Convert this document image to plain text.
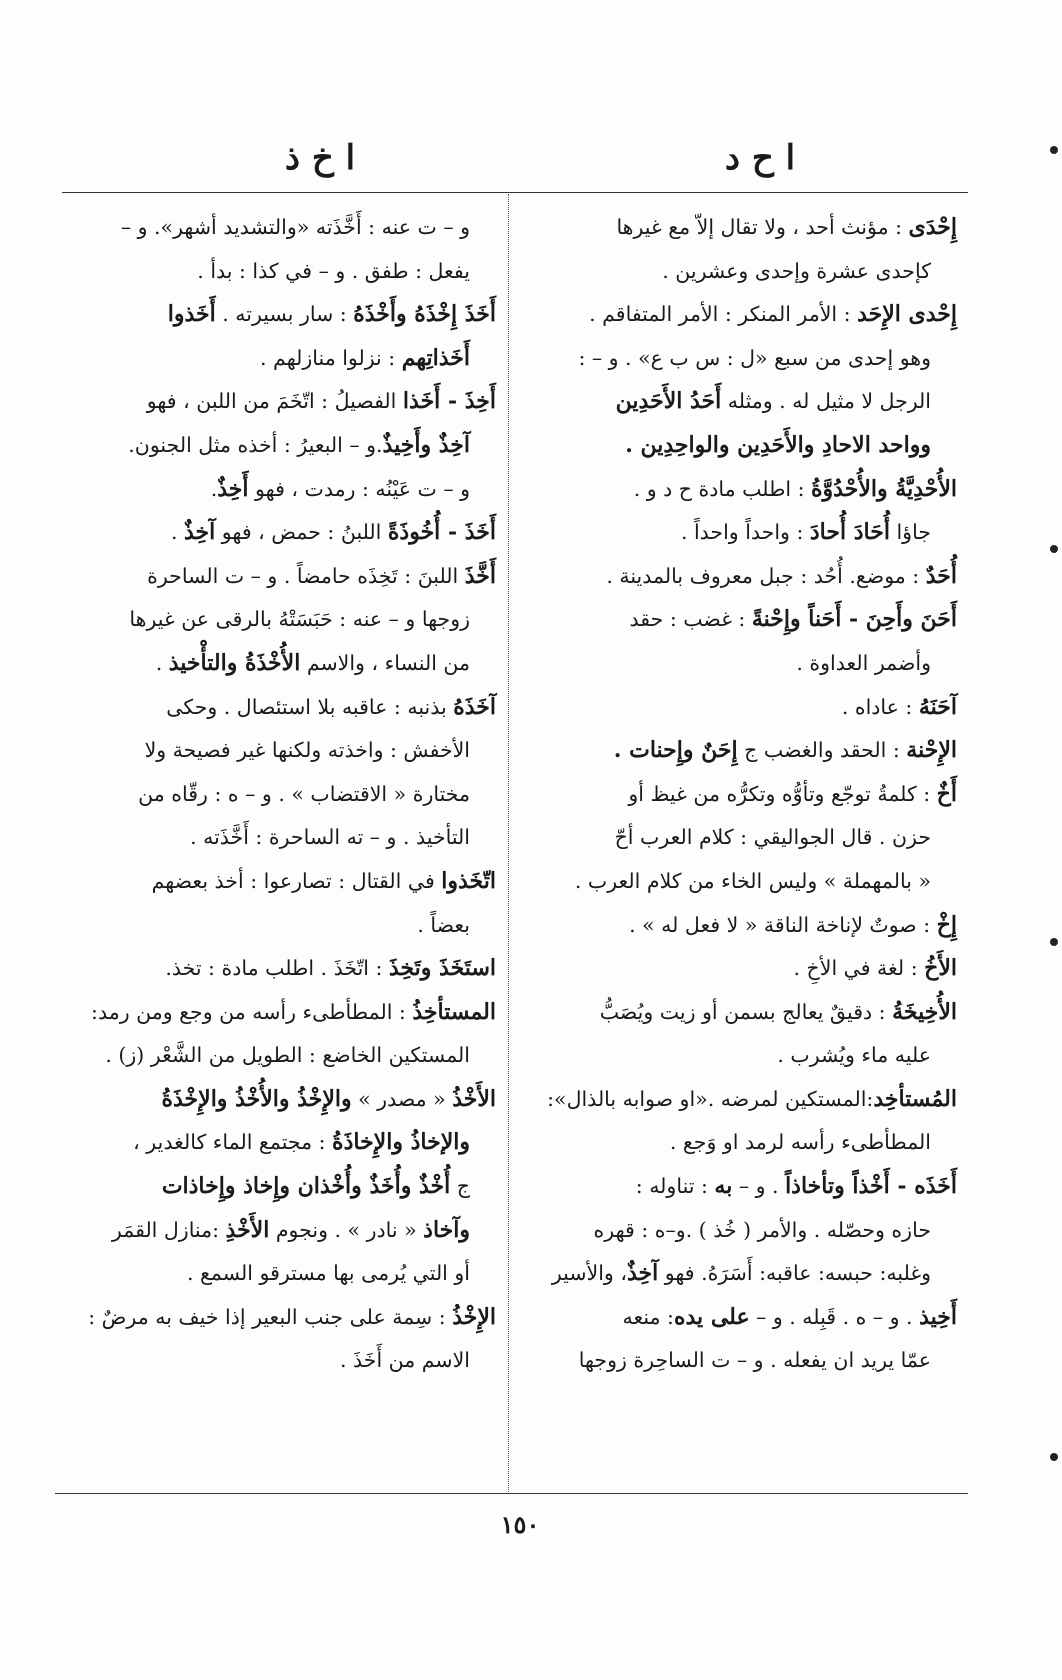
ا ح د
ا خ ذ

إِحْدَى : مؤنث أحد ، ولا تقال إلاّ مع غيرها

كإحدى عشرة وإحدى وعشرين .

إِحْدى الإِحَد : الأمر المنكر : الأمر المتفاقم .

وهو إحدى من سبع «ل : س ب ع» . و – :

الرجل لا مثيل له . ومثله أَحَدُ الأَحَدِين

وواحد الاحادِ والأَحَدِين والواحِدِين .

الأُحْدِيَّةُ والأُحْدُوَّةُ : اطلب مادة ح د و .

جاؤا أُحَادَ أُحادَ : واحداً واحداً .

أُحَدٌ : موضع. أُحُد : جبل معروف بالمدينة .

أَحَنَ وأَحِنَ - أَحَناً وإِحْنةً : غضب : حقد

وأضمر العداوة .

آحَنَهُ : عاداه .

الإِحْنة : الحقد والغضب ج إِحَنٌ وإِحنات .

أَخٌ : كلمةُ توجّع وتأوُّه وتكرُّه من غيظ أو

حزن . قال الجواليقي : كلام العرب أحّ

« بالمهملة » وليس الخاء من كلام العرب .

إِخْ : صوتٌ لإناخة الناقة « لا فعل له » .

الأَخُ : لغة في الأخِ .

الأُخِيخَةُ : دقيقٌ يعالج بسمن أو زيت ويُصَبُّ

عليه ماء ويُشرب .

المُستأخِد:المستكين لمرضه .«او صوابه بالذال»:

المطأطىء رأسه لرمد او وَجع .

أَخَذَه - أَخْذاً وتأخاذاً . و – به : تناوله :

حازه وحصّله . والأمر ( خُذ ) .و–ه : قهره

وغلبه: حبسه: عاقبه: أَسَرَهُ. فهو آخِذٌ، والأسير

أَخِيذ . و – ه . قَبِله . و – على يده: منعه

عمّا يريد ان يفعله . و – ت الساحِرة زوجها

و – ت عنه : أَخَّذَته «والتشديد أشهر». و –

يفعل : طفق . و – في كذا : بدأ .

أَخَذَ إِخْذَهُ وأَخْذَهُ : سار بسيرته . أَخَذوا

أَخَذاتِهم : نزلوا منازلهم .

أَخِذَ - أَخَذا الفصيلُ : اتّخَمَ من اللبن ، فهو

آخِذٌ وأَخِيذٌ.و – البعيرُ : أخذه مثل الجنون.

و – ت عَيْنُه : رمدت ، فهو أَخِذٌ.

أَخَذَ - أُخُوذَةً اللبنُ : حمض ، فهو آخِذٌ .

أَخَّذَ اللبنَ : تَخِذَه حامضاً . و – ت الساحرة

زوجها و – عنه : حَبَسَتْهُ بالرقى عن غيرها

من النساء ، والاسم الأُخْذَةُ والتأْخيذ .

آخَذَهُ بذنبه : عاقبه بلا استئصال . وحكى

الأخفش : واخذته ولكنها غير فصيحة ولا

مختارة « الاقتضاب » . و – ه : رقّاه من

التأخيذ . و – ته الساحرة : أَخَّذَته .

اتّخَذوا في القتال : تصارعوا : أخذ بعضهم

بعضاً .

استَخَذَ وتَخِذَ : اتّخَذَ . اطلب مادة : تخذ.

المستأخِذُ : المطأطىء رأسه من وجع ومن رمد:

المستكين الخاضع : الطويل من الشَّعْر (ز) .

الأَخْذُ « مصدر » والإِخْذُ والأُخْذُ والإِخْذَةُ

والإخاذُ والإِخاذَةُ : مجتمع الماء كالغدير ،

ج أُخْذٌ وأُخَذٌ وأُخْذان وإِخاذ وإِخاذات

وآخاذ « نادر » . ونجوم الأَخْذِ :منازل القمَر

أو التي يُرمى بها مسترقو السمع .

الإِخْذُ : سِمة على جنب البعير إذا خيف به مرضٌ :

الاسم من أَخَذَ .

١٥٠
